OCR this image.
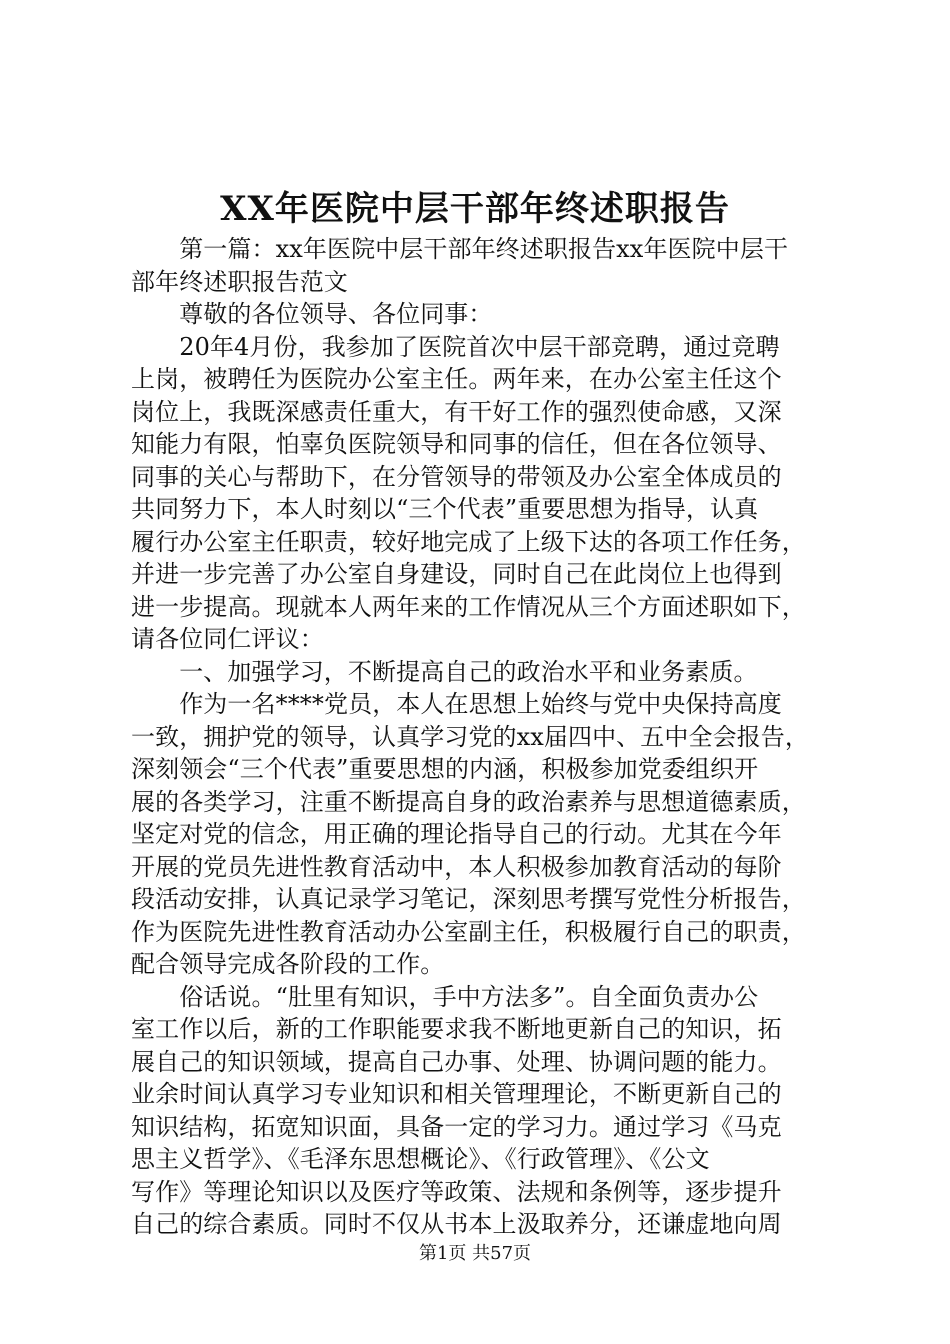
XX年医院中层干部年终述职报告
　　第一篇：xx年医院中层干部年终述职报告xx年医院中层干
部年终述职报告范文
　　尊敬的各位领导、各位同事：
　　20年4月份，我参加了医院首次中层干部竞聘，通过竞聘
上岗，被聘任为医院办公室主任。两年来，在办公室主任这个
岗位上，我既深感责任重大，有干好工作的强烈使命感，又深
知能力有限，怕辜负医院领导和同事的信任，但在各位领导、
同事的关心与帮助下，在分管领导的带领及办公室全体成员的
共同努力下，本人时刻以“三个代表”重要思想为指导，认真
履行办公室主任职责，较好地完成了上级下达的各项工作任务，
并进一步完善了办公室自身建设，同时自己在此岗位上也得到
进一步提高。现就本人两年来的工作情况从三个方面述职如下，
请各位同仁评议：
　　一、加强学习，不断提高自己的政治水平和业务素质。
　　作为一名****党员，本人在思想上始终与党中央保持高度
一致，拥护党的领导，认真学习党的xx届四中、五中全会报告，
深刻领会“三个代表”重要思想的内涵，积极参加党委组织开
展的各类学习，注重不断提高自身的政治素养与思想道德素质，
坚定对党的信念，用正确的理论指导自己的行动。尤其在今年
开展的党员先进性教育活动中，本人积极参加教育活动的每阶
段活动安排，认真记录学习笔记，深刻思考撰写党性分析报告，
作为医院先进性教育活动办公室副主任，积极履行自己的职责，
配合领导完成各阶段的工作。
　　俗话说。“肚里有知识，手中方法多”。自全面负责办公
室工作以后，新的工作职能要求我不断地更新自己的知识，拓
展自己的知识领域，提高自己办事、处理、协调问题的能力。
业余时间认真学习专业知识和相关管理理论，不断更新自己的
知识结构，拓宽知识面，具备一定的学习力。通过学习《马克
思主义哲学》、《毛泽东思想概论》、《行政管理》、《公文
写作》等理论知识以及医疗等政策、法规和条例等，逐步提升
自己的综合素质。同时不仅从书本上汲取养分，还谦虚地向周
第1页 共57页
